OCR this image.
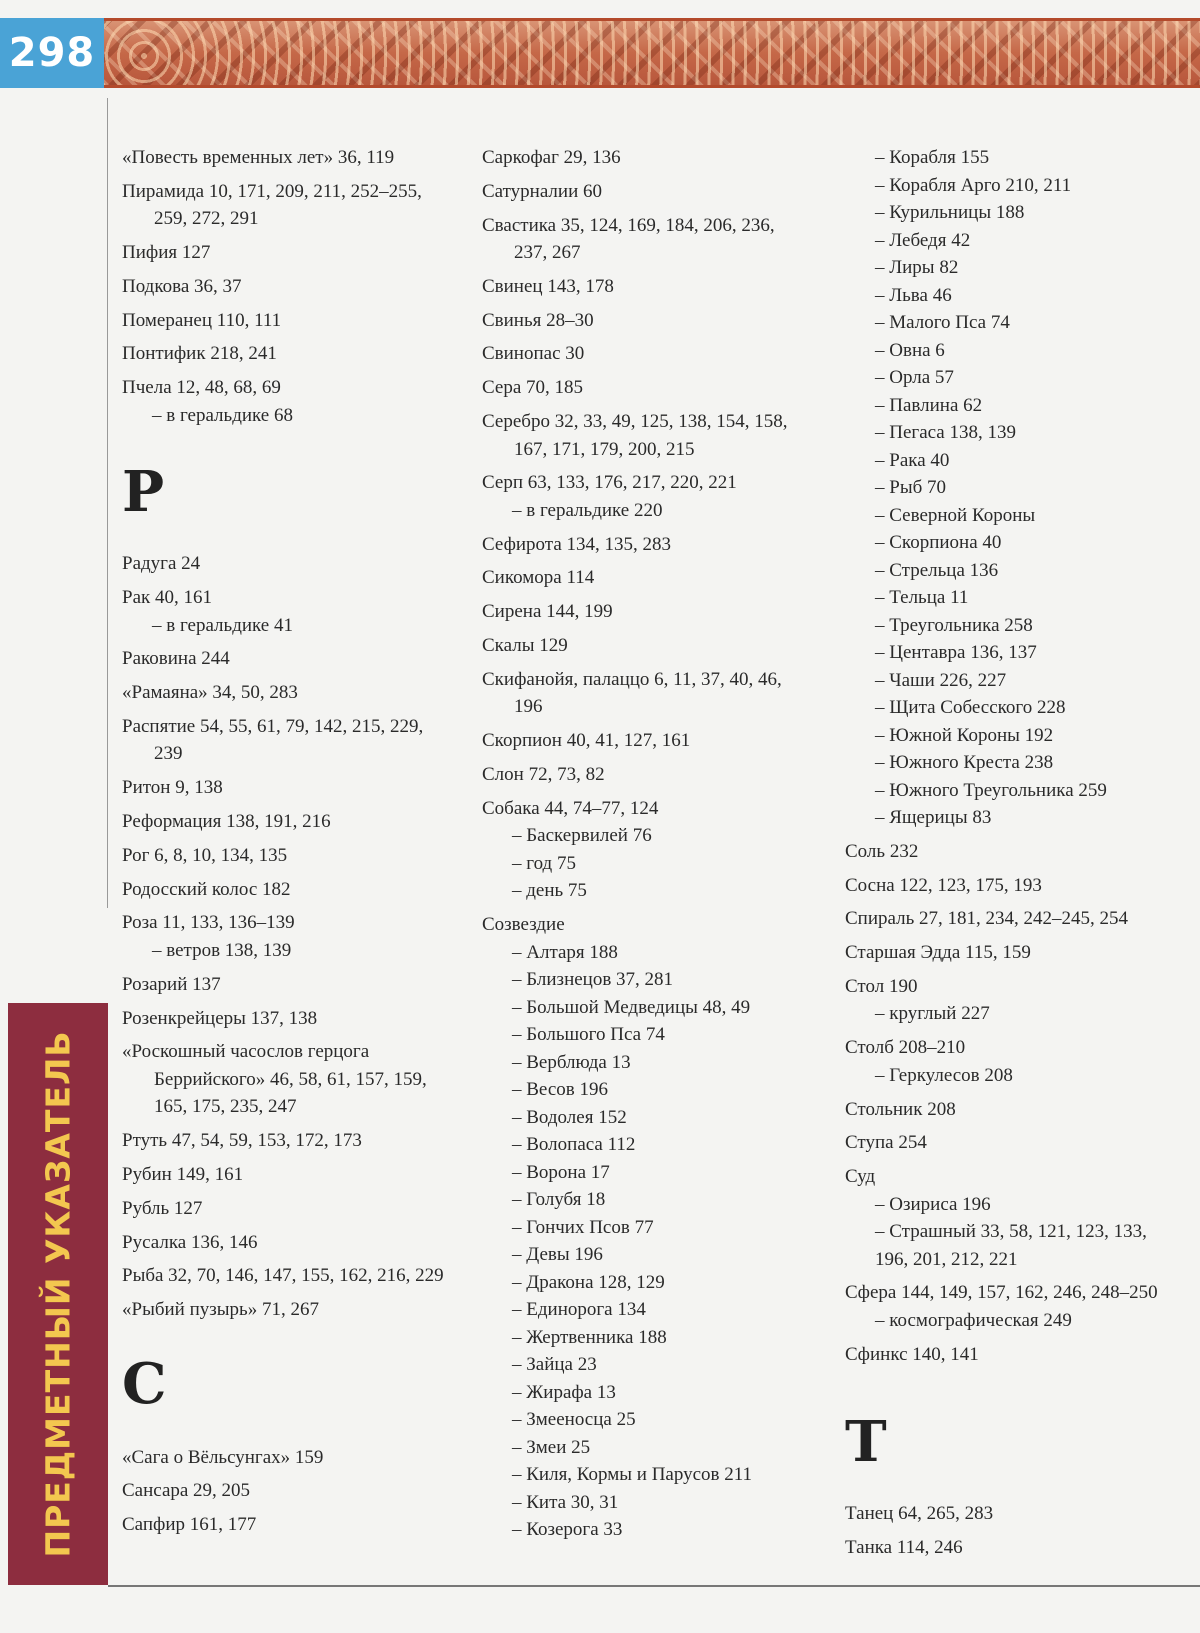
298
ПРЕДМЕТНЫЙ УКАЗАТЕЛЬ
«Повесть временных лет» 36, 119
Пирамида 10, 171, 209, 211, 252–255,
259, 272, 291
Пифия 127
Подкова 36, 37
Померанец 110, 111
Понтифик 218, 241
Пчела 12, 48, 68, 69
– в геральдике 68
Р
Радуга 24
Рак 40, 161
– в геральдике 41
Раковина 244
«Рамаяна» 34, 50, 283
Распятие 54, 55, 61, 79, 142, 215, 229,
239
Ритон 9, 138
Реформация 138, 191, 216
Рог 6, 8, 10, 134, 135
Родосский колос 182
Роза 11, 133, 136–139
– ветров 138, 139
Розарий 137
Розенкрейцеры 137, 138
«Роскошный часослов герцога
Беррийского» 46, 58, 61, 157, 159,
165, 175, 235, 247
Ртуть 47, 54, 59, 153, 172, 173
Рубин 149, 161
Рубль 127
Русалка 136, 146
Рыба 32, 70, 146, 147, 155, 162, 216, 229
«Рыбий пузырь» 71, 267
С
«Сага о Вёльсунгах» 159
Сансара 29, 205
Сапфир 161, 177
Саркофаг 29, 136
Сатурналии 60
Свастика 35, 124, 169, 184, 206, 236,
237, 267
Свинец 143, 178
Свинья 28–30
Свинопас 30
Сера 70, 185
Серебро 32, 33, 49, 125, 138, 154, 158,
167, 171, 179, 200, 215
Серп 63, 133, 176, 217, 220, 221
– в геральдике 220
Сефирота 134, 135, 283
Сикомора 114
Сирена 144, 199
Скалы 129
Скифанойя, палаццо 6, 11, 37, 40, 46,
196
Скорпион 40, 41, 127, 161
Слон 72, 73, 82
Собака 44, 74–77, 124
– Баскервилей 76
– год 75
– день 75
Созвездие
– Алтаря 188
– Близнецов 37, 281
– Большой Медведицы 48, 49
– Большого Пса 74
– Верблюда 13
– Весов 196
– Водолея 152
– Волопаса 112
– Ворона 17
– Голубя 18
– Гончих Псов 77
– Девы 196
– Дракона 128, 129
– Единорога 134
– Жертвенника 188
– Зайца 23
– Жирафа 13
– Змееносца 25
– Змеи 25
– Киля, Кормы и Парусов 211
– Кита 30, 31
– Козерога 33
– Корабля 155
– Корабля Арго 210, 211
– Курильницы 188
– Лебедя 42
– Лиры 82
– Льва 46
– Малого Пса 74
– Овна 6
– Орла 57
– Павлина 62
– Пегаса 138, 139
– Рака 40
– Рыб 70
– Северной Короны
– Скорпиона 40
– Стрельца 136
– Тельца 11
– Треугольника 258
– Центавра 136, 137
– Чаши 226, 227
– Щита Собесского 228
– Южной Короны 192
– Южного Креста 238
– Южного Треугольника 259
– Ящерицы 83
Соль 232
Сосна 122, 123, 175, 193
Спираль 27, 181, 234, 242–245, 254
Старшая Эдда 115, 159
Стол 190
– круглый 227
Столб 208–210
– Геркулесов 208
Стольник 208
Ступа 254
Суд
– Озириса 196
– Страшный 33, 58, 121, 123, 133,
196, 201, 212, 221
Сфера 144, 149, 157, 162, 246, 248–250
– космографическая 249
Сфинкс 140, 141
Т
Танец 64, 265, 283
Танка 114, 246
